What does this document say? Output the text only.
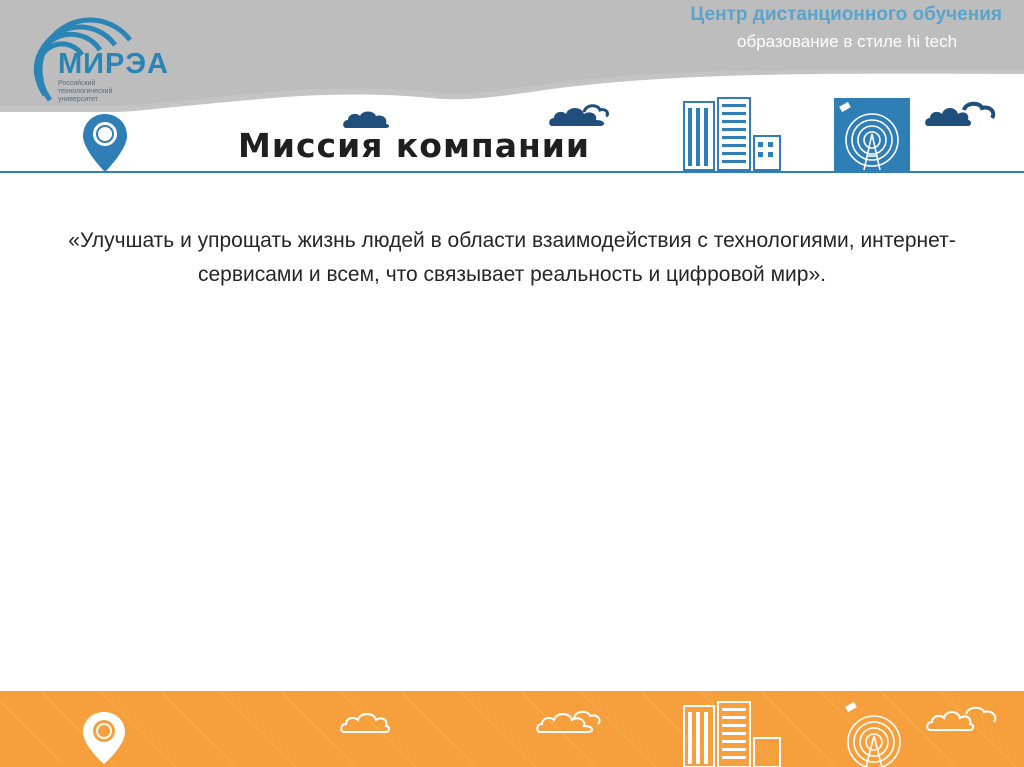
МИРЭА
Российский технологический университет
Центр дистанционного обучения
образование в стиле hi tech
Миссия компании
«Улучшать и упрощать жизнь людей в области взаимодействия с технологиями, интернет-сервисами и всем, что связывает реальность и цифровой мир».
